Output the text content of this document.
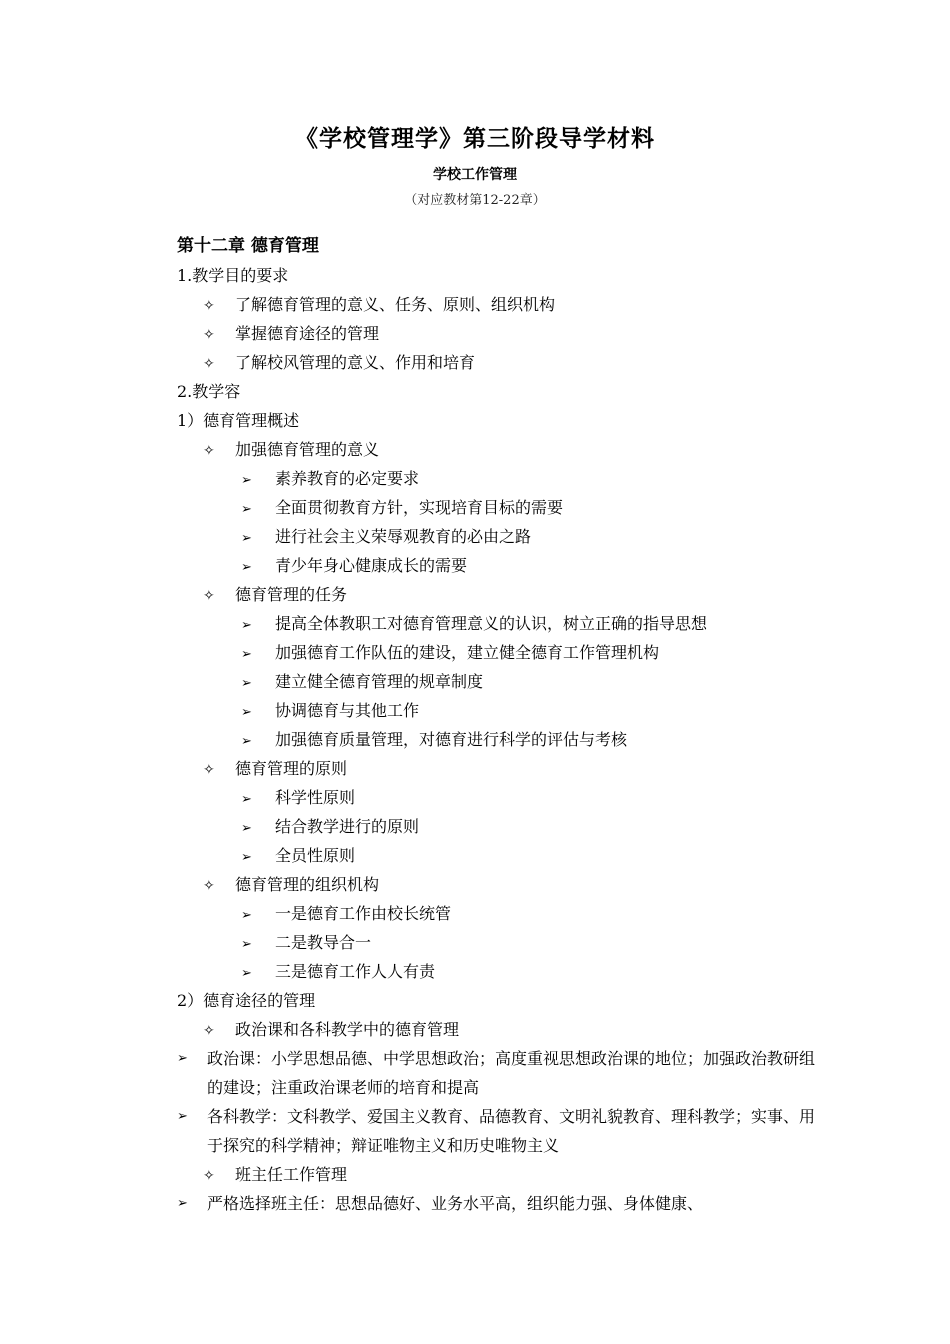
《学校管理学》第三阶段导学材料
学校工作管理
（对应教材第12-22章）
第十二章 德育管理
1.教学目的要求
✧ 了解德育管理的意义、任务、原则、组织机构
✧ 掌握德育途径的管理
✧ 了解校风管理的意义、作用和培育
2.教学容
1）德育管理概述
✧ 加强德育管理的意义
➢ 素养教育的必定要求
➢ 全面贯彻教育方针，实现培育目标的需要
➢ 进行社会主义荣辱观教育的必由之路
➢ 青少年身心健康成长的需要
✧ 德育管理的任务
➢ 提高全体教职工对德育管理意义的认识，树立正确的指导思想
➢ 加强德育工作队伍的建设，建立健全德育工作管理机构
➢ 建立健全德育管理的规章制度
➢ 协调德育与其他工作
➢ 加强德育质量管理，对德育进行科学的评估与考核
✧ 德育管理的原则
➢ 科学性原则
➢ 结合教学进行的原则
➢ 全员性原则
✧ 德育管理的组织机构
➢ 一是德育工作由校长统管
➢ 二是教导合一
➢ 三是德育工作人人有责
2）德育途径的管理
✧ 政治课和各科教学中的德育管理
➢ 政治课：小学思想品德、中学思想政治；高度重视思想政治课的地位；加强政治教研组的建设；注重政治课老师的培育和提高
➢ 各科教学：文科教学、爱国主义教育、品德教育、文明礼貌教育、理科教学；实事、用于探究的科学精神；辩证唯物主义和历史唯物主义
✧ 班主任工作管理
➢ 严格选择班主任：思想品德好、业务水平高，组织能力强、身体健康、
